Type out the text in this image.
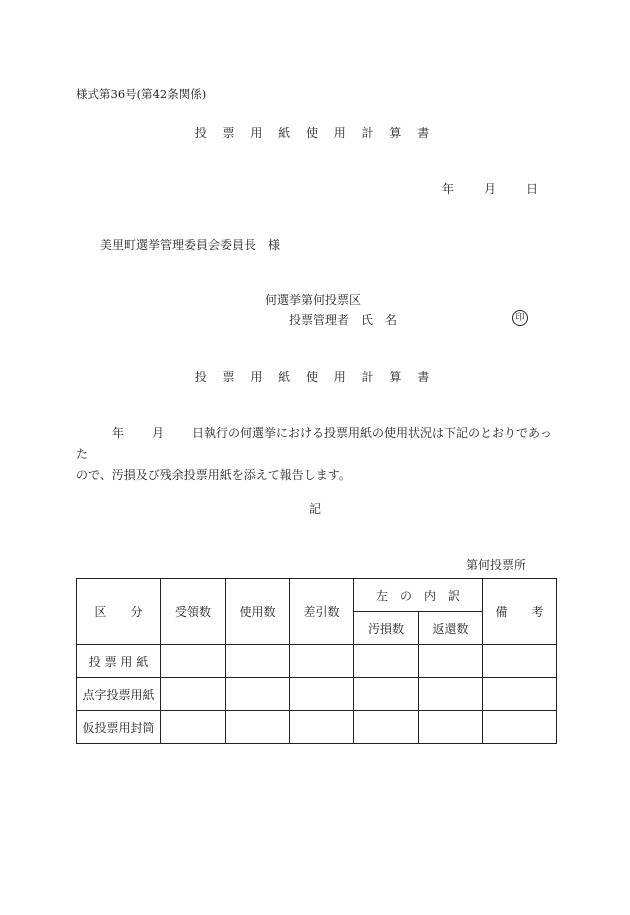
様式第36号(第42条関係)
投 票 用 紙 使 用 計 算 書
年	月	日
美里町選挙管理委員会委員長　様
何選挙第何投票区
投票管理者　氏　名	印
投 票 用 紙 使 用 計 算 書
年 月 日執行の何選挙における投票用紙の使用状況は下記のとおりであった
ので、汚損及び残余投票用紙を添えて報告します。
記
第何投票所
区　　分	受領数	使用数	差引数	左　の　内　訳		備　　考
				汚損数	返還数	
投 票 用 紙						
点字投票用紙						
仮投票用封筒						
